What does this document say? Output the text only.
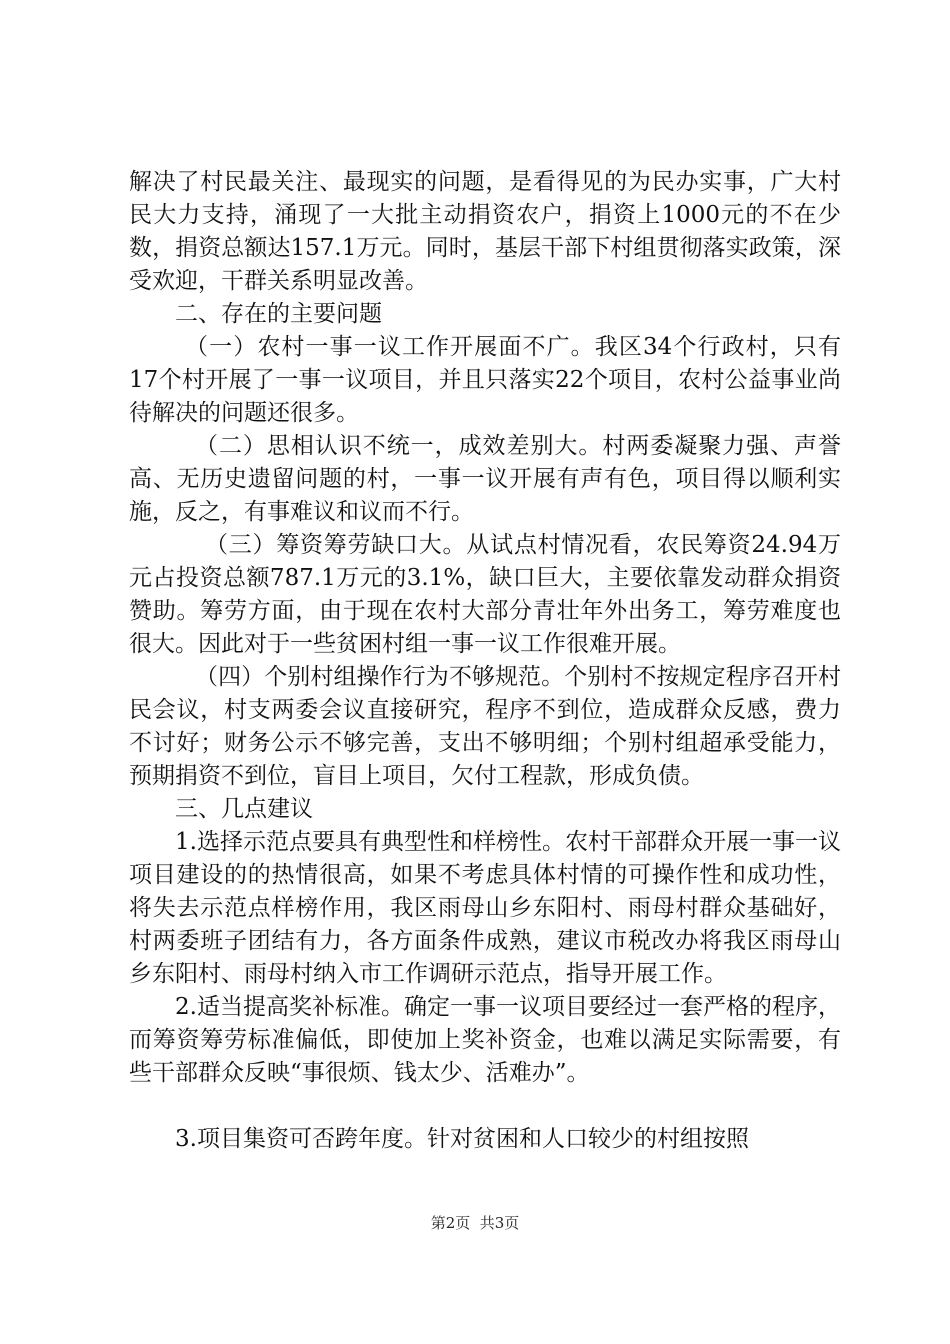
解决了村民最关注、最现实的问题，是看得见的为民办实事，广大村民大力支持，涌现了一大批主动捐资农户，捐资上1000元的不在少数，捐资总额达157.1万元。同时，基层干部下村组贯彻落实政策，深受欢迎，干群关系明显改善。

二、存在的主要问题

（一）农村一事一议工作开展面不广。我区34个行政村，只有17个村开展了一事一议项目，并且只落实22个项目，农村公益事业尚待解决的问题还很多。

（二）思相认识不统一，成效差别大。村两委凝聚力强、声誉高、无历史遗留问题的村，一事一议开展有声有色，项目得以顺利实施，反之，有事难议和议而不行。

（三）筹资筹劳缺口大。从试点村情况看，农民筹资24.94万元占投资总额787.1万元的3.1%，缺口巨大，主要依靠发动群众捐资赞助。筹劳方面，由于现在农村大部分青壮年外出务工，筹劳难度也很大。因此对于一些贫困村组一事一议工作很难开展。

（四）个别村组操作行为不够规范。个别村不按规定程序召开村民会议，村支两委会议直接研究，程序不到位，造成群众反感，费力不讨好；财务公示不够完善，支出不够明细；个别村组超承受能力，预期捐资不到位，盲目上项目，欠付工程款，形成负债。

三、几点建议

1.选择示范点要具有典型性和样榜性。农村干部群众开展一事一议项目建设的的热情很高，如果不考虑具体村情的可操作性和成功性，将失去示范点样榜作用，我区雨母山乡东阳村、雨母村群众基础好，村两委班子团结有力，各方面条件成熟，建议市税改办将我区雨母山乡东阳村、雨母村纳入市工作调研示范点，指导开展工作。

2.适当提高奖补标准。确定一事一议项目要经过一套严格的程序，而筹资筹劳标准偏低，即使加上奖补资金，也难以满足实际需要，有些干部群众反映“事很烦、钱太少、活难办”。

3.项目集资可否跨年度。针对贫困和人口较少的村组按照

第2页  共3页
